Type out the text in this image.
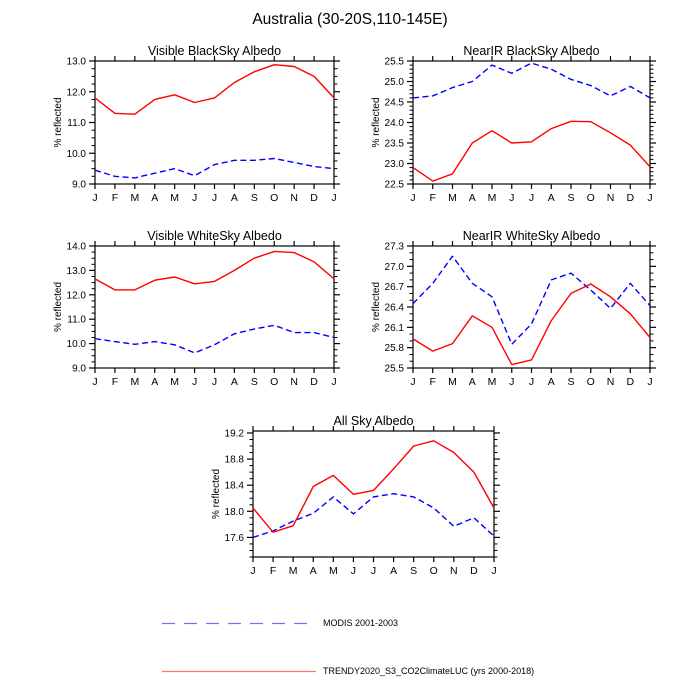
Australia (30-20S,110-145E)
9.0
10.0
11.0
12.0
13.0
J F M A M J J A S O N D J
% reflected
Visible BlackSky Albedo
22.5
23.0
23.5
24.0
24.5
25.0
25.5
J F M A M J J A S O N D J
% reflected
NearIR BlackSky Albedo
9.0
10.0
11.0
12.0
13.0
14.0
J F M A M J J A S O N D J
% reflected
Visible WhiteSky Albedo
25.5
25.8
26.1
26.4
26.7
27.0
27.3
J F M A M J J A S O N D J
% reflected
NearIR WhiteSky Albedo
17.6
18.0
18.4
18.8
19.2
J F M A M J J A S O N D J
% reflected
All Sky Albedo
MODIS 2001-2003
TRENDY2020_S3_CO2ClimateLUC (yrs 2000-2018)
